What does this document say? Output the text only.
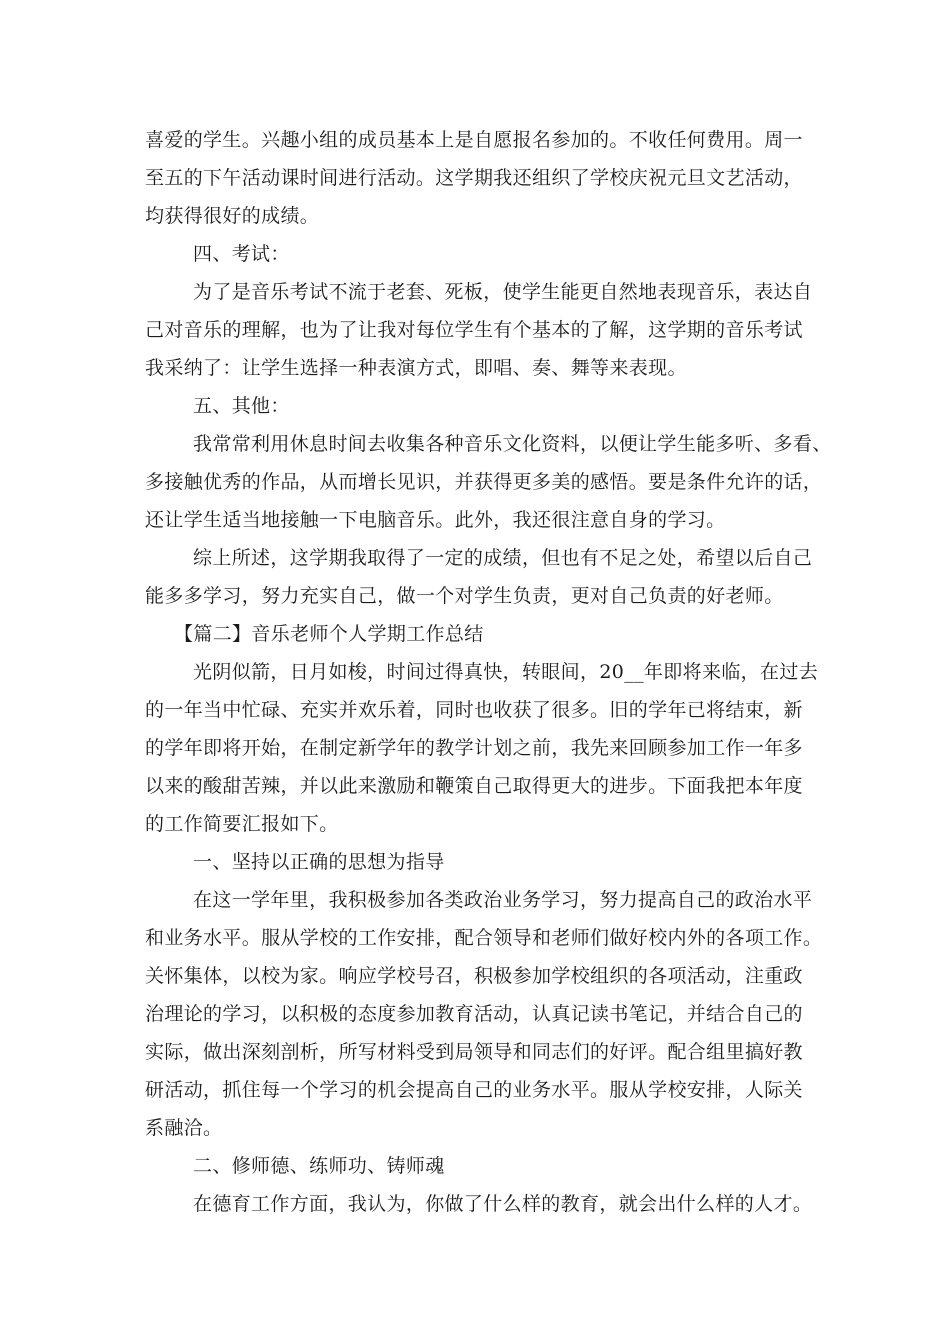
喜爱的学生。兴趣小组的成员基本上是自愿报名参加的。不收任何费用。周一
至五的下午活动课时间进行活动。这学期我还组织了学校庆祝元旦文艺活动，
均获得很好的成绩。
四、考试：
为了是音乐考试不流于老套、死板，使学生能更自然地表现音乐，表达自
己对音乐的理解，也为了让我对每位学生有个基本的了解，这学期的音乐考试
我采纳了：让学生选择一种表演方式，即唱、奏、舞等来表现。
五、其他：
我常常利用休息时间去收集各种音乐文化资料，以便让学生能多听、多看、
多接触优秀的作品，从而增长见识，并获得更多美的感悟。要是条件允许的话，
还让学生适当地接触一下电脑音乐。此外，我还很注意自身的学习。
综上所述，这学期我取得了一定的成绩，但也有不足之处，希望以后自己
能多多学习，努力充实自己，做一个对学生负责，更对自己负责的好老师。
【篇二】音乐老师个人学期工作总结
光阴似箭，日月如梭，时间过得真快，转眼间，20__年即将来临，在过去
的一年当中忙碌、充实并欢乐着，同时也收获了很多。旧的学年已将结束，新
的学年即将开始，在制定新学年的教学计划之前，我先来回顾参加工作一年多
以来的酸甜苦辣，并以此来激励和鞭策自己取得更大的进步。下面我把本年度
的工作简要汇报如下。
一、坚持以正确的思想为指导
在这一学年里，我积极参加各类政治业务学习，努力提高自己的政治水平
和业务水平。服从学校的工作安排，配合领导和老师们做好校内外的各项工作。
关怀集体，以校为家。响应学校号召，积极参加学校组织的各项活动，注重政
治理论的学习，以积极的态度参加教育活动，认真记读书笔记，并结合自己的
实际，做出深刻剖析，所写材料受到局领导和同志们的好评。配合组里搞好教
研活动，抓住每一个学习的机会提高自己的业务水平。服从学校安排，人际关
系融洽。
二、修师德、练师功、铸师魂
在德育工作方面，我认为，你做了什么样的教育，就会出什么样的人才。
